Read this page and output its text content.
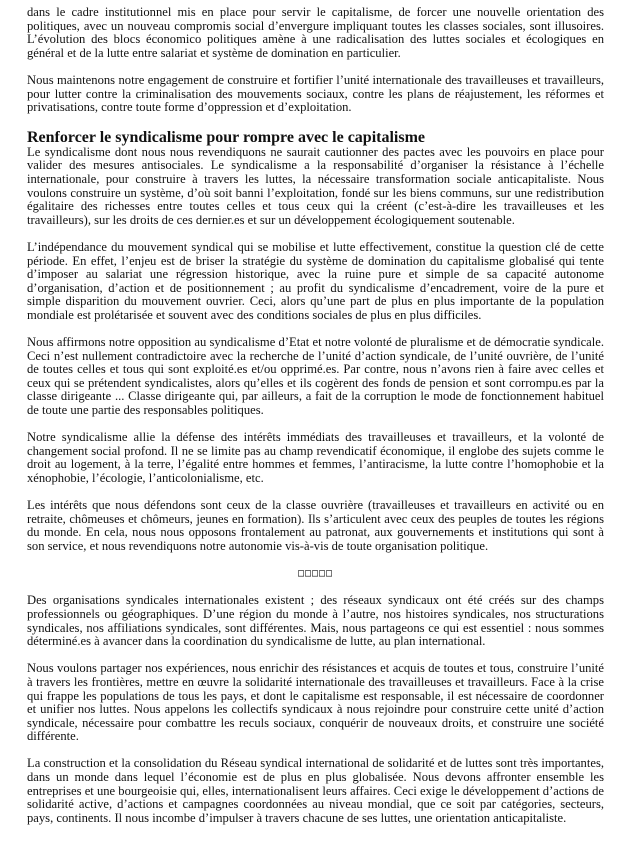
dans le cadre institutionnel mis en place pour servir le capitalisme, de forcer une nouvelle orientation des politiques, avec un nouveau compromis social d’envergure impliquant toutes les classes sociales, sont illusoires. L’évolution des blocs économico politiques amène à une radicalisation des luttes sociales et écologiques en général et de la lutte entre salariat et système de domination en particulier.

Nous maintenons notre engagement de construire et fortifier l’unité internationale des travailleuses et travailleurs, pour lutter contre la criminalisation des mouvements sociaux, contre les plans de réajustement, les réformes et privatisations, contre toute forme d’oppression et d’exploitation.

Renforcer le syndicalisme pour rompre avec le capitalisme

Le syndicalisme dont nous nous revendiquons ne saurait cautionner des pactes avec les pouvoirs en place pour valider des mesures antisociales. Le syndicalisme a la responsabilité d’organiser la résistance à l’échelle internationale, pour construire à travers les luttes, la nécessaire transformation sociale anticapitaliste. Nous voulons construire un système, d’où soit banni l’exploitation, fondé sur les biens communs, sur une redistribution égalitaire des richesses entre toutes celles et tous ceux qui la créent (c’est-à-dire les travailleuses et les travailleurs), sur les droits de ces dernier.es et sur un développement écologiquement soutenable.

L’indépendance du mouvement syndical qui se mobilise et lutte effectivement, constitue la question clé de cette période. En effet, l’enjeu est de briser la stratégie du système de domination du capitalisme globalisé qui tente d’imposer au salariat une régression historique, avec la ruine pure et simple de sa capacité autonome d’organisation, d’action et de positionnement ; au profit du syndicalisme d’encadrement, voire de la pure et simple disparition du mouvement ouvrier. Ceci, alors qu’une part de plus en plus importante de la population mondiale est prolétarisée et souvent avec des conditions sociales de plus en plus difficiles.

Nous affirmons notre opposition au syndicalisme d’Etat et notre volonté de pluralisme et de démocratie syndicale. Ceci n’est nullement contradictoire avec la recherche de l’unité d’action syndicale, de l’unité ouvrière, de l’unité de toutes celles et tous qui sont exploité.es et/ou opprimé.es. Par contre, nous n’avons rien à faire avec celles et ceux qui se prétendent syndicalistes, alors qu’elles et ils cogèrent des fonds de pension et sont corrompu.es par la classe dirigeante ... Classe dirigeante qui, par ailleurs, a fait de la corruption le mode de fonctionnement habituel de toute une partie des responsables politiques.

Notre syndicalisme allie la défense des intérêts immédiats des travailleuses et travailleurs, et la volonté de changement social profond. Il ne se limite pas au champ revendicatif économique, il englobe des sujets comme le droit au logement, à la terre, l’égalité entre hommes et femmes, l’antiracisme, la lutte contre l’homophobie et la xénophobie, l’écologie, l’anticolonialisme, etc.

Les intérêts que nous défendons sont ceux de la classe ouvrière (travailleuses et travailleurs en activité ou en retraite, chômeuses et chômeurs, jeunes en formation). Ils s’articulent avec ceux des peuples de toutes les régions du monde. En cela, nous nous opposons frontalement au patronat, aux gouvernements et institutions qui sont à son service, et nous revendiquons notre autonomie vis-à-vis de toute organisation politique.

□□□□□

Des organisations syndicales internationales existent ; des réseaux syndicaux ont été créés sur des champs professionnels ou géographiques. D’une région du monde à l’autre, nos histoires syndicales, nos structurations syndicales, nos affiliations syndicales, sont différentes. Mais, nous partageons ce qui est essentiel : nous sommes déterminé.es à avancer dans la coordination du syndicalisme de lutte, au plan international.

Nous voulons partager nos expériences, nous enrichir des résistances et acquis de toutes et tous, construire l’unité à travers les frontières, mettre en œuvre la solidarité internationale des travailleuses et travailleurs. Face à la crise qui frappe les populations de tous les pays, et dont le capitalisme est responsable, il est nécessaire de coordonner et unifier nos luttes. Nous appelons les collectifs syndicaux à nous rejoindre pour construire cette unité d’action syndicale, nécessaire pour combattre les reculs sociaux, conquérir de nouveaux droits, et construire une société différente.

La construction et la consolidation du Réseau syndical international de solidarité et de luttes sont très importantes, dans un monde dans lequel l’économie est de plus en plus globalisée. Nous devons affronter ensemble les entreprises et une bourgeoisie qui, elles, internationalisent leurs affaires. Ceci exige le développement d’actions de solidarité active, d’actions et campagnes coordonnées au niveau mondial, que ce soit par catégories, secteurs, pays, continents. Il nous incombe d’impulser à travers chacune de ses luttes, une orientation anticapitaliste.
